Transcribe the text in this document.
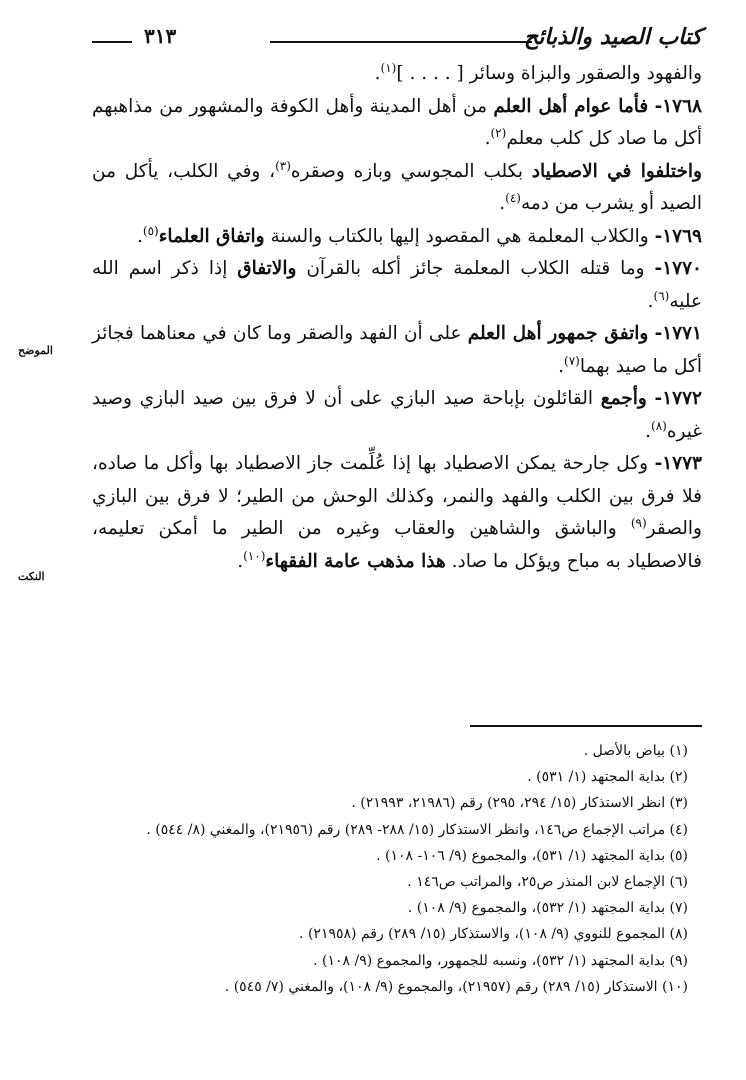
كتاب الصيد والذبائح
٣١٣

والفهود والصقور والبزاة وسائر [ . . . . ]$^{(١)}$.

١٧٦٨- فأما عوام أهل العلم من أهل المدينة وأهل الكوفة والمشهور من مذاهبهم أكل ما صاد كل كلب معلم$^{(٢)}$.

واختلفوا في الاصطياد بكلب المجوسي وبازه وصقره$^{(٣)}$، وفي الكلب، يأكل من الصيد أو يشرب من دمه$^{(٤)}$.

١٧٦٩- والكلاب المعلمة هي المقصود إليها بالكتاب والسنة واتفاق العلماء$^{(٥)}$.

١٧٧٠- وما قتله الكلاب المعلمة جائز أكله بالقرآن والاتفاق إذا ذكر اسم الله عليه$^{(٦)}$.

١٧٧١- واتفق جمهور أهل العلم على أن الفهد والصقر وما كان في معناهما فجائز أكل ما صيد بهما$^{(٧)}$.

١٧٧٢- وأجمع القائلون بإباحة صيد البازي على أن لا فرق بين صيد البازي وصيد غيره$^{(٨)}$.

١٧٧٣- وكل جارحة يمكن الاصطياد بها إذا عُلِّمت جاز الاصطياد بها وأكل ما صاده، فلا فرق بين الكلب والفهد والنمر، وكذلك الوحش من الطير؛ لا فرق بين البازي والصقر$^{(٩)}$ والباشق والشاهين والعقاب وغيره من الطير ما أمكن تعليمه، فالاصطياد به مباح ويؤكل ما صاد. هذا مذهب عامة الفقهاء$^{(١٠)}$.

الموضح
النكت

(١) بياض بالأصل .

(٢) بداية المجتهد (١/ ٥٣١) .

(٣) انظر الاستذكار (١٥/ ٢٩٤، ٢٩٥) رقم (٢١٩٨٦، ٢١٩٩٣) .

(٤) مراتب الإجماع ص١٤٦، وانظر الاستذكار (١٥/ ٢٨٨- ٢٨٩) رقم (٢١٩٥٦)، والمغني (٨/ ٥٤٤) .

(٥) بداية المجتهد (١/ ٥٣١)، والمجموع (٩/ ١٠٦- ١٠٨) .

(٦) الإجماع لابن المنذر ص٢٥، والمراتب ص١٤٦ .

(٧) بداية المجتهد (١/ ٥٣٢)، والمجموع (٩/ ١٠٨) .

(٨) المجموع للنووي (٩/ ١٠٨)، والاستذكار (١٥/ ٢٨٩) رقم (٢١٩٥٨) .

(٩) بداية المجتهد (١/ ٥٣٢)، ونسبه للجمهور، والمجموع (٩/ ١٠٨) .

(١٠) الاستذكار (١٥/ ٢٨٩) رقم (٢١٩٥٧)، والمجموع (٩/ ١٠٨)، والمغني (٧/ ٥٤٥) .
